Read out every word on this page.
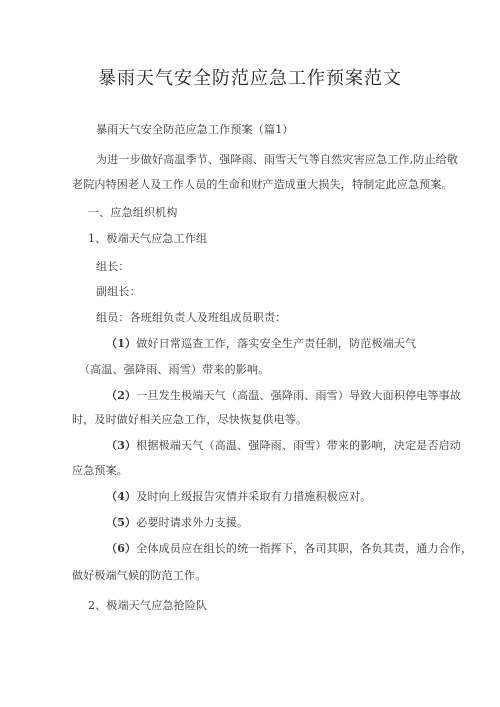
暴雨天气安全防范应急工作预案范文
暴雨天气安全防范应急工作预案（篇1）
为进一步做好高温季节、强降雨、雨雪天气等自然灾害应急工作,防止给敬
老院内特困老人及工作人员的生命和财产造成重大损失，特制定此应急预案。
一、应急组织机构
1、极端天气应急工作组
组长：
副组长：
组员：各班组负责人及班组成员职责：
（1）做好日常巡查工作，落实安全生产责任制，防范极端天气
（高温、强降雨、雨雪）带来的影响。
（2）一旦发生极端天气（高温、强降雨、雨雪）导致大面积停电等事故
时，及时做好相关应急工作，尽快恢复供电等。
（3）根据极端天气（高温、强降雨、雨雪）带来的影响，决定是否启动
应急预案。
（4）及时向上级报告灾情并采取有力措施积极应对。
（5）必要时请求外力支援。
（6）全体成员应在组长的统一指挥下，各司其职，各负其责，通力合作，
做好极端气候的防范工作。
2、极端天气应急抢险队
